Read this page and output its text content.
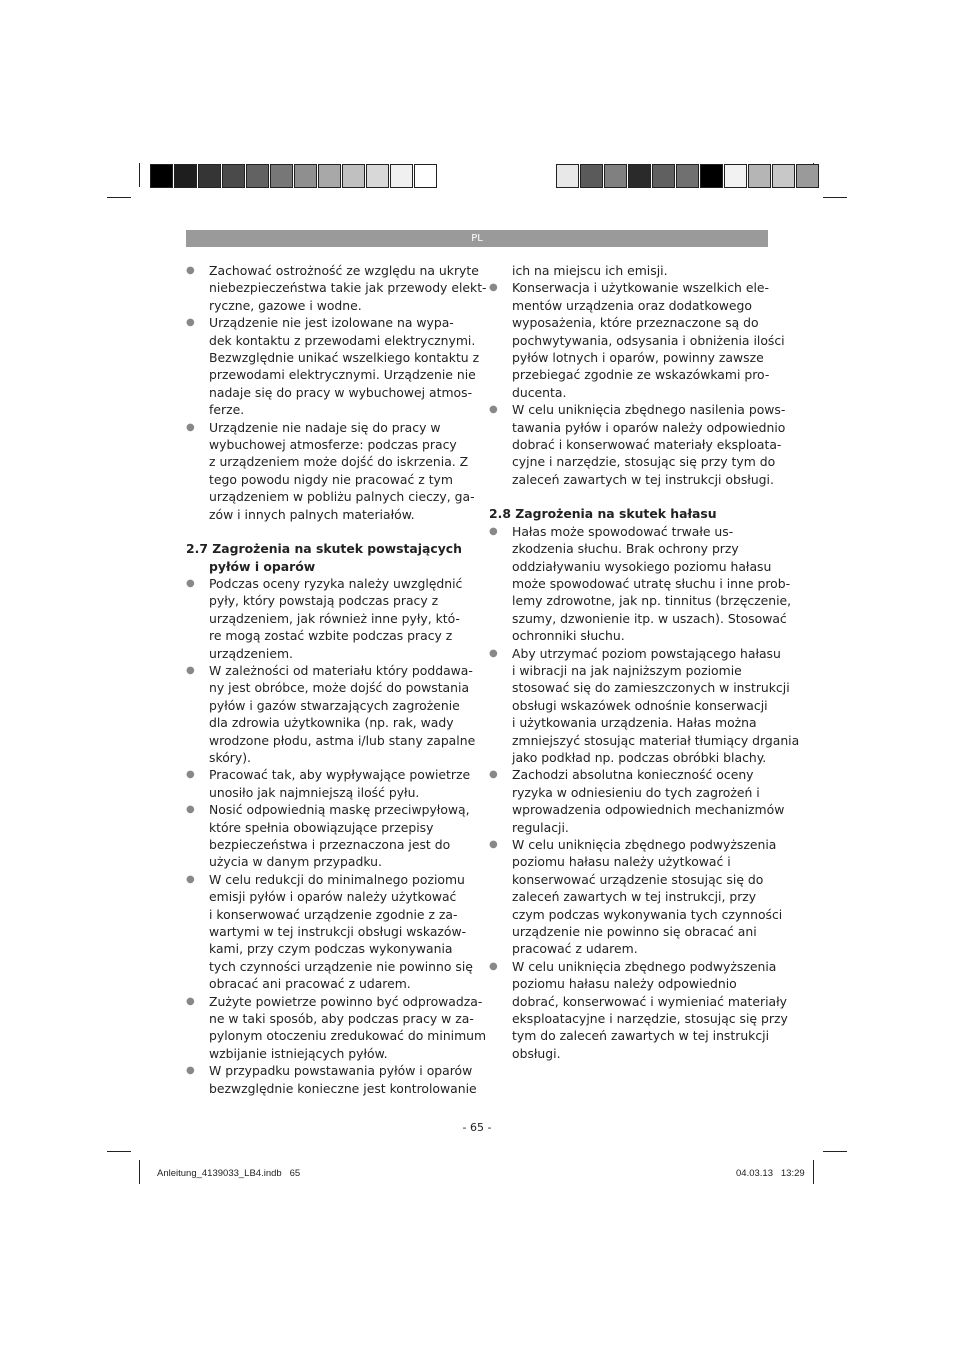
PL
● Zachować ostrożność ze względu na ukryte
niebezpieczeństwa takie jak przewody elekt-
ryczne, gazowe i wodne.
● Urządzenie nie jest izolowane na wypa-
dek kontaktu z przewodami elektrycznymi.
Bezwzględnie unikać wszelkiego kontaktu z
przewodami elektrycznymi. Urządzenie nie
nadaje się do pracy w wybuchowej atmos-
ferze.
● Urządzenie nie nadaje się do pracy w
wybuchowej atmosferze: podczas pracy
z urządzeniem może dojść do iskrzenia. Z
tego powodu nigdy nie pracować z tym
urządzeniem w pobliżu palnych cieczy, ga-
zów i innych palnych materiałów.
2.7 Zagrożenia na skutek powstających
pyłów i oparów
● Podczas oceny ryzyka należy uwzględnić
pyły, który powstają podczas pracy z
urządzeniem, jak również inne pyły, któ-
re mogą zostać wzbite podczas pracy z
urządzeniem.
● W zależności od materiału który poddawa-
ny jest obróbce, może dojść do powstania
pyłów i gazów stwarzających zagrożenie
dla zdrowia użytkownika (np. rak, wady
wrodzone płodu, astma i/lub stany zapalne
skóry).
● Pracować tak, aby wypływające powietrze
unosiło jak najmniejszą ilość pyłu.
● Nosić odpowiednią maskę przeciwpyłową,
które spełnia obowiązujące przepisy
bezpieczeństwa i przeznaczona jest do
użycia w danym przypadku.
● W celu redukcji do minimalnego poziomu
emisji pyłów i oparów należy użytkować
i konserwować urządzenie zgodnie z za-
wartymi w tej instrukcji obsługi wskazów-
kami, przy czym podczas wykonywania
tych czynności urządzenie nie powinno się
obracać ani pracować z udarem.
● Zużyte powietrze powinno być odprowadza-
ne w taki sposób, aby podczas pracy w za-
pylonym otoczeniu zredukować do minimum
wzbijanie istniejących pyłów.
● W przypadku powstawania pyłów i oparów
bezwzględnie konieczne jest kontrolowanie
ich na miejscu ich emisji.
● Konserwacja i użytkowanie wszelkich ele-
mentów urządzenia oraz dodatkowego
wyposażenia, które przeznaczone są do
pochwytywania, odsysania i obniżenia ilości
pyłów lotnych i oparów, powinny zawsze
przebiegać zgodnie ze wskazówkami pro-
ducenta.
● W celu uniknięcia zbędnego nasilenia pows-
tawania pyłów i oparów należy odpowiednio
dobrać i konserwować materiały eksploata-
cyjne i narzędzie, stosując się przy tym do
zaleceń zawartych w tej instrukcji obsługi.
2.8 Zagrożenia na skutek hałasu
● Hałas może spowodować trwałe us-
zkodzenia słuchu. Brak ochrony przy
oddziaływaniu wysokiego poziomu hałasu
może spowodować utratę słuchu i inne prob-
lemy zdrowotne, jak np. tinnitus (brzęczenie,
szumy, dzwonienie itp. w uszach). Stosować
ochronniki słuchu.
● Aby utrzymać poziom powstającego hałasu
i wibracji na jak najniższym poziomie
stosować się do zamieszczonych w instrukcji
obsługi wskazówek odnośnie konserwacji
i użytkowania urządzenia. Hałas można
zmniejszyć stosując materiał tłumiący drgania
jako podkład np. podczas obróbki blachy.
● Zachodzi absolutna konieczność oceny
ryzyka w odniesieniu do tych zagrożeń i
wprowadzenia odpowiednich mechanizmów
regulacji.
● W celu uniknięcia zbędnego podwyższenia
poziomu hałasu należy użytkować i
konserwować urządzenie stosując się do
zaleceń zawartych w tej instrukcji, przy
czym podczas wykonywania tych czynności
urządzenie nie powinno się obracać ani
pracować z udarem.
● W celu uniknięcia zbędnego podwyższenia
poziomu hałasu należy odpowiednio
dobrać, konserwować i wymieniać materiały
eksploatacyjne i narzędzie, stosując się przy
tym do zaleceń zawartych w tej instrukcji
obsługi.
- 65 -
Anleitung_4139033_LB4.indb   65	04.03.13   13:29
